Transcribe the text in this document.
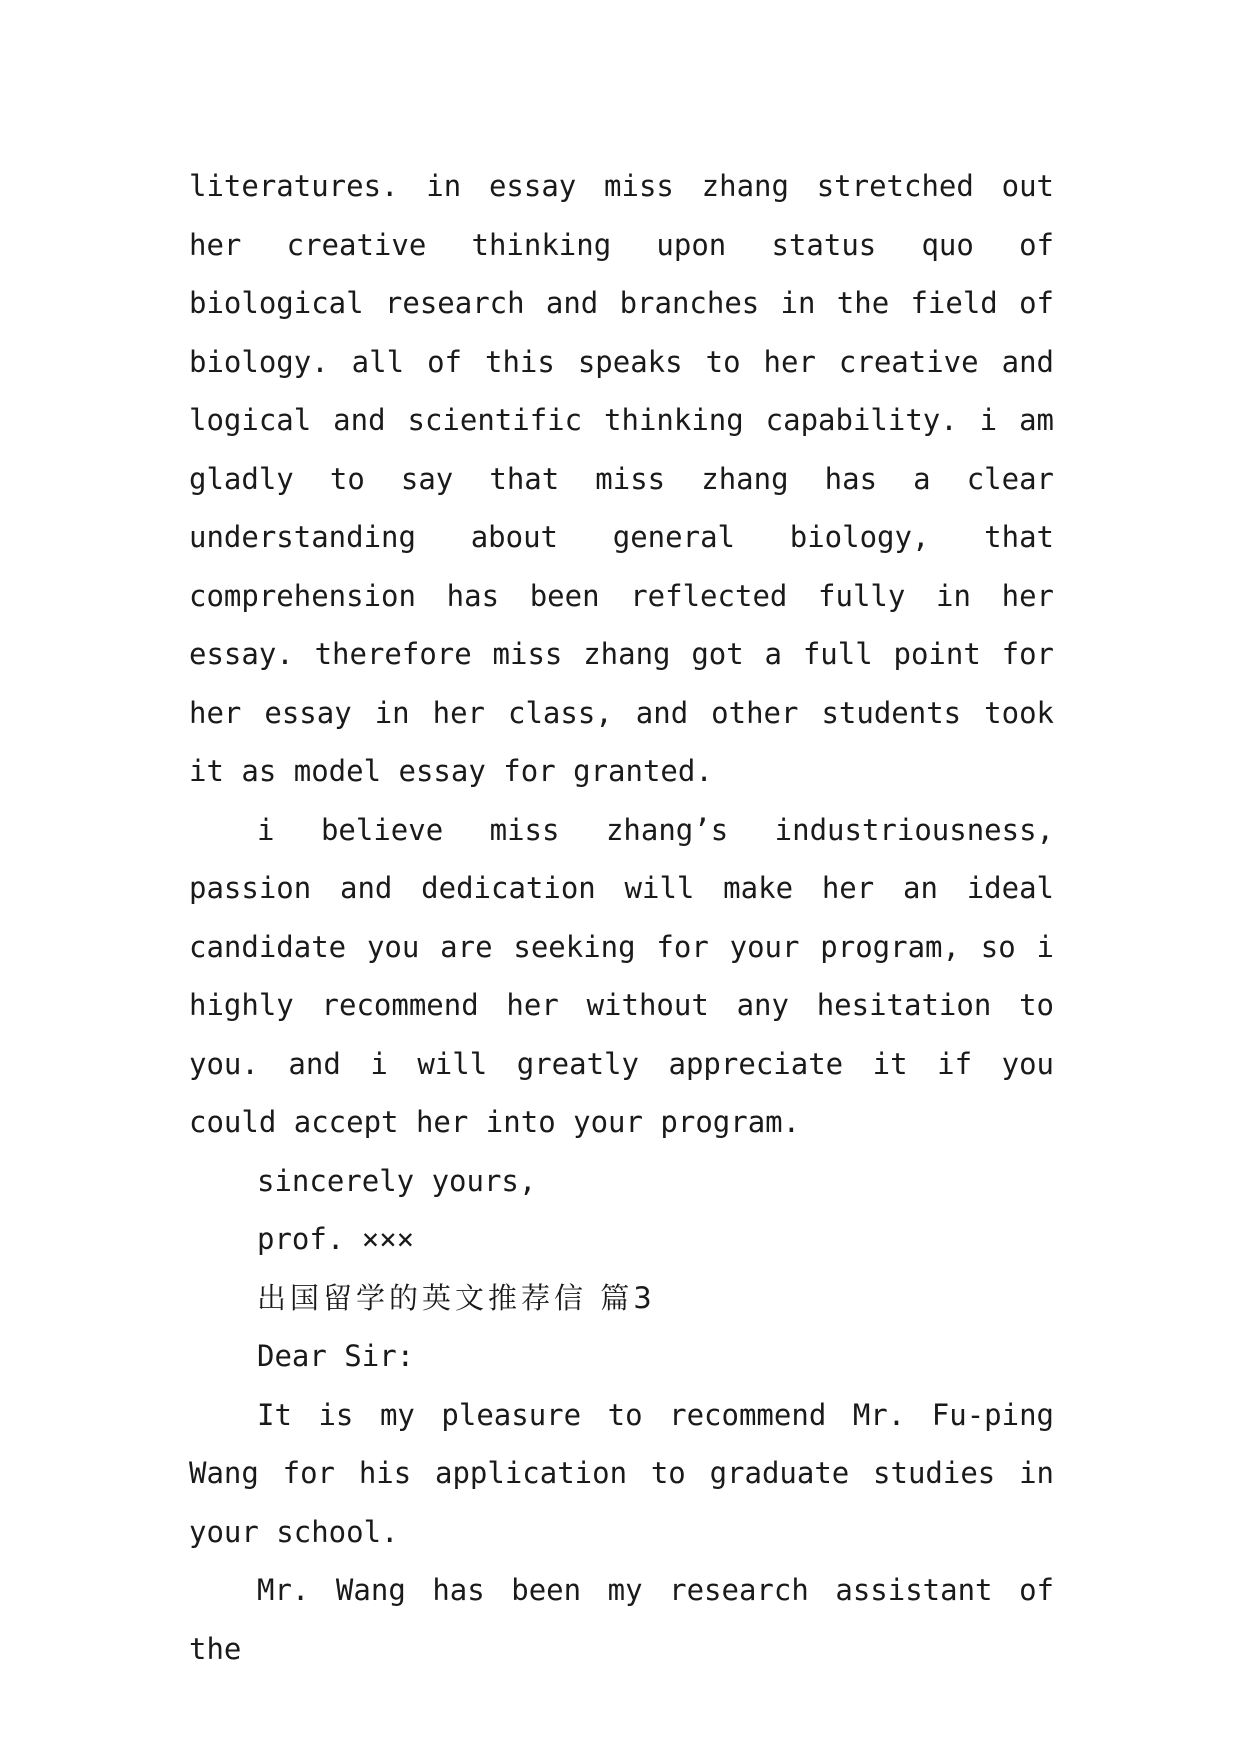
literatures. in essay miss zhang stretched out her creative thinking upon status quo of biological research and branches in the field of biology. all of this speaks to her creative and logical and scientific thinking capability. i am gladly to say that miss zhang has a clear understanding about general biology, that comprehension has been reflected fully in her essay. therefore miss zhang got a full point for her essay in her class, and other students took it as model essay for granted.

i believe miss zhang’s industriousness, passion and dedication will make her an ideal candidate you are seeking for your program, so i highly recommend her without any hesitation to you. and i will greatly appreciate it if you could accept her into your program.

sincerely yours,

prof. ×××

出国留学的英文推荐信 篇3

Dear Sir:

It is my pleasure to recommend Mr. Fu-ping Wang for his application to graduate studies in your school.

Mr. Wang has been my research assistant of the
